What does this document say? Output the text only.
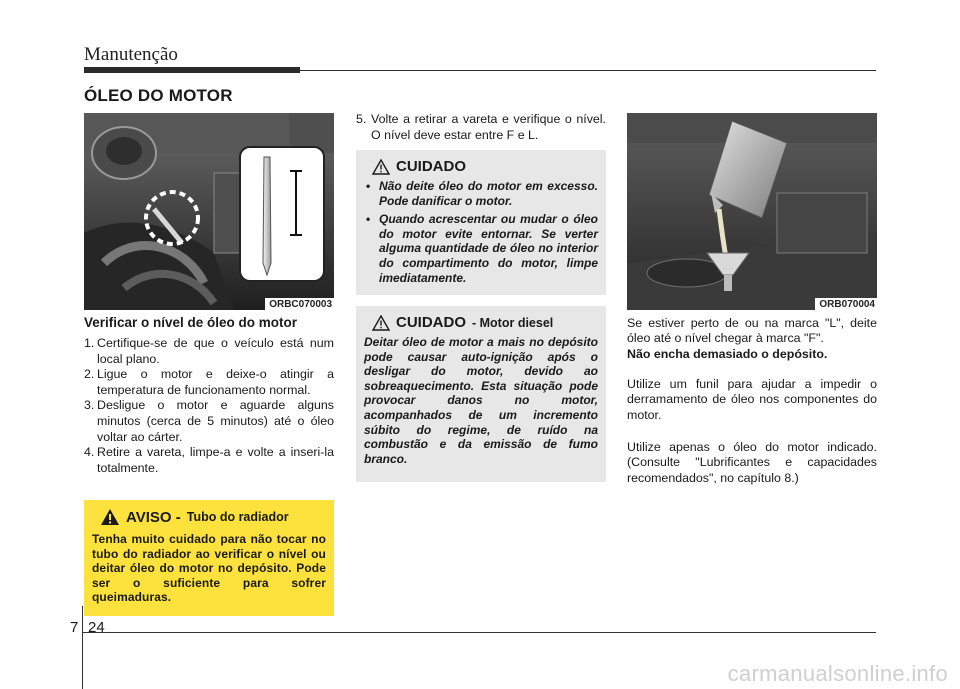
Manutenção
ÓLEO DO MOTOR
ORBC070003
Verificar o nível de óleo do motor
1. Certifique-se de que o veículo está num local plano.
2. Ligue o motor e deixe-o atingir a temperatura de funcionamento normal.
3. Desligue o motor e aguarde alguns minutos (cerca de 5 minutos) até o óleo voltar ao cárter.
4. Retire a vareta, limpe-a e volte a inseri-la totalmente.
AVISO - Tubo do radiador
Tenha muito cuidado para não tocar no tubo do radiador ao verificar o nível ou deitar óleo do motor no depósito. Pode ser o suficiente para sofrer queimaduras.
5. Volte a retirar a vareta e verifique o nível. O nível deve estar entre F e L.
CUIDADO
• Não deite óleo do motor em excesso. Pode danificar o motor.
• Quando acrescentar ou mudar o óleo do motor evite entornar. Se verter alguma quantidade de óleo no interior do compartimento do motor, limpe imediatamente.
CUIDADO - Motor diesel
Deitar óleo de motor a mais no depósito pode causar auto-ignição após o desligar do motor, devido ao sobreaquecimento. Esta situação pode provocar danos no motor, acompanhados de um incremento súbito do regime, de ruído na combustão e da emissão de fumo branco.
ORB070004
Se estiver perto de ou na marca "L", deite óleo até o nível chegar à marca "F".
Não encha demasiado o depósito.
Utilize um funil para ajudar a impedir o derramamento de óleo nos componentes do motor.
Utilize apenas o óleo do motor indicado. (Consulte "Lubrificantes e capacidades recomendados", no capítulo 8.)
7 24
carmanualsonline.info
